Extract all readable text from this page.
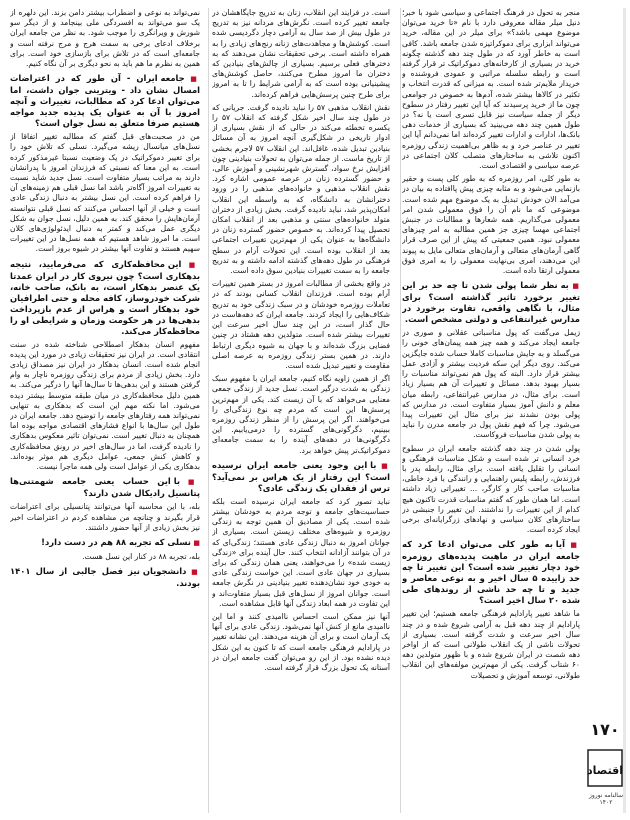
منجر به تحول در فرهنگ اجتماعی و سیاسی شود با خبر؛ دنیل میلر مقاله معروفی دارد با نام «تا خرید می‌توان موضوع مهمی باشد؟» برای میلر در این مقاله، خرید می‌تواند ابزاری برای دموکراتیزه شدن جامعه باشد. کافی است به خاطر آورد که در طول چند دهه گذشته چگونه خرید در بسیاری از کارخانه‌های دموکراتیک تر قرار گرفته است و رابطه سلسله مراتبی و عمودی فروشنده و خریدار ملایم‌تر شده است. به میزانی که قدرت انتخاب و تکثیر در کالاها بیشتر شده، آدم‌ها به خصوص در جوامعی چون ما از خرید پرسیدند که آیا این تغییر رفتار در سطوح دیگر از جمله سیاست نیز قابل تسری است یا نه؟ در طول همین چند دهه می‌بینید که بسیاری از خدمات دهی بانک‌ها، ادارات و ادارات تغییر کرده‌اند اما نمی‌دانم آیا این تغییر در عناصر خرد و به ظاهر بی‌اهمیت زندگی روزمره اکنون تلاشی به ساختارهای متصلب کلان اجتماعی در عرصه سیاسی و اقتصادی است.

به طور کلی، امر روزمره که به طور کلی پست و حقیر بازنمایی می‌شود و به مثابه چیزی پیش پاافتاده به بیان در می‌آمد الان خودش تبدیل به یک موضوع مهم شده است. موضوعی که ما نام آن را فوق معمولی شدن امر معمولی می‌گذاریم. همه شعارها و مطالبات در جنبش اجتماعی مهسا چیزی جز همین مطالبه به امر چیزهای معمولی نبود. همین جمعیتی که پیش از این صرف قرار گاهی آرمان‌های متعالی و آرمان‌های متعالی مایل به پیوند این می‌دهند، امری بی‌نهایت معمولی را به امری فوق معمولی ارتقا داده است.

■ به نظر شما پولی شدن تا چه حد بر این تغییر برخورد تاثیر گذاشته است؟ برای مثال، با نگاهی واقعی، تفاوت برخورد در مدارس غیرانتفاعی و دولتی مشخص است.

زیمل می‌گفت که پول مناسباتی عقلانی و صوری در جامعه ایجاد می‌کند و همه چیز همه پیمان‌های خونی را می‌گسلد و به جایش مناسبات کاملا حساب شده جایگزین می‌کند. روی دیگر این سکه فردیت بیشتر و آزادی عمل بیشتر قرار دارد. البته که پول هم نمی‌تواند مناسبات را بسیار بهبود بدهد. مسائل و تغییرات آن هم بسیار زیاد است. برای مثال، در مدارس غیرانتفاعی، رابطه میان معلم و دانش آموز بسیار متفاوت است. در مدارس که پولی بودن نشدند نیز برای مثال این تغییرات پیدا می‌شود. چرا که فهم نقش پول در جامعه مدرن را نباید به پولی شدن مناسبات فروکاست.

پولی شدن در چند دهه گذشته جامعه ایران در سطوح خرد انسانی تر شده است و شکل مناسبات فرهنگی و انسانی را تقلیل یافته است. برای مثال، رابطه پدر با فرزندش، رابطه پلیس راهنمایی و رانندگی با فرد خاطی، مناسبات صاحب کار و کارگر، ... تغییراتی زیاد داشته است. اما همان طور که گفتم مناسبات قدرت تاکنون هیچ کدام از این تغییرات را نداشتند. این تغییر را جنبشی در ساختارهای کلان سیاسی و نهادهای زرگرایانه‌ای برخی ایجاد کرده است.

■ آیا به طور کلی می‌توان ادعا کرد که جامعه ایران در ماهیت پدیده‌های روزمره خود دچار تغییر شده است؟ این تغییر تا چه حد زاییده ۵ سال اخیر و به نوعی معاصر و جدید و تا چه حد ناشی از روندهای طی شده ۲۰ سال اخیر است؟

ما شاهد تغییر پارادایم فرهنگی جامعه هستیم؛ این تغییر پارادایم از چند دهه قبل به آرامی شروع شده و در چند سال اخیر سرعت و شدت گرفته است. بسیاری از تحولات ناشی از یک انقلاب طولانی است که از اواخر دهه شصت در ایران شروع شده و با ظهور متولدین دهه ۶۰ شتاب گرفت. یکی از مهم‌ترین مولفه‌های این انقلاب طولانی، توسعه آموزش و تحصیلات

است. در فرایند این انقلاب، زنان به تدریج جایگاهشان در جامعه تغییر کرده است. نگرش‌های مردانه نیز به تدریج در طول بیش از صد سال به آرامی دچار دگردیسی شده است. کوشش‌ها و مجاهدت‌های زنانه رنج‌های زیادی را به همراه داشته است. برخی تحقیقات نشان می‌دهند که به دخترهای فعلی برسیم. بسیاری از چالش‌های بنیادین که دختران ما امروز مطرح می‌کنند، حاصل کوشش‌های پیشینیانی بوده است که به آرامی شرایط را تا به امروز برای طرح چنین پرسش‌هایی فراهم کرده‌اند.

نقش انقلاب مذهبی ۵۷ را نباید نادیده گرفت. جریانی که در طول چند سال اخیر شکل گرفته که انقلاب ۵۷ را یکسره تخطئه می‌کند در حالی که از نقش بسیاری از ادوار تاریخی در شکل‌گیری آنچه امروز به آن مسائل بنیادین تبدیل شده، غافل‌اند. این انقلاب ۵۷ لاجرم بخشی از تاریخ ماست. از جمله می‌توان به تحولات بنیادینی چون افزایش نرخ سواد، گسترش شهرنشینی و آموزش عالی، و حضور گسترده زنان در عرصه عمومی اشاره کرد. نقش انقلاب مذهبی و خانواده‌های مذهبی را در ورود دخترانشان به دانشگاه، که به واسطه این انقلاب امکان‌پذیر شد، نباید نادیده گرفت. بخش زیادی از دختران متولد خانواده‌های سنتی و مذهبی بعد از انقلاب امکان تحصیل پیدا کرده‌اند. به خصوص حضور گسترده زنان در دانشگاه‌ها به عنوان یکی از مهم‌ترین تغییرات اجتماعی بعد از انقلاب بوده است. این تحولات آرام در سطح فرهنگی در طول دهه‌های گذشته ادامه داشته و به تدریج جامعه را به سمت تغییرات بنیادین سوق داده است.

در واقع بخشی از مطالبات امروز در بستر همین تغییرات آرام بوده است. فرزندان انقلاب کسانی بودند که در تعاملات روزمره خودشان و در سبک زندگی خود به تدریج شکاف‌هایی را ایجاد کردند. جامعه ایران که دهه‌هاست در حال گذار است، در این چند سال اخیر سرعت این تغییرات بیشتر شده است. متولدین دهه هشتاد در چنین فضایی بزرگ شده‌اند و با جهان به شیوه دیگری ارتباط دارند. در همین بستر زندگی روزمره به عرصه اصلی مقاومت و تغییر تبدیل شده است.

اگر از همین زاویه نگاه کنیم، جامعه ایران با مفهوم سبک زندگی به شدت درگیر است. نسل جدید از زندگی جمعی معنایی می‌خواهد که با آن زیست کند. یکی از مهم‌ترین پرسش‌ها این است که مردم چه نوع زندگی‌ای را می‌خواهند. اگر این پرسش را از منظر زندگی روزمره ببینیم، دگرگونی‌های گسترده را درمی‌یابیم. این دگرگونی‌ها در دهه‌های آینده را به سمت جامعه‌ای دموکراتیک‌تر پیش خواهد برد.

■ با این وجود یعنی جامعه ایران نرسیده است؟ این رفتار از یک هراس بر نمی‌آید؟ ترس از فقدان یک زندگی عادی؟

نباید تصور کرد که جامعه ایران نرسیده است بلکه حساسیت‌های جامعه و توجه مردم به خودشان بیشتر شده است. یکی از مصادیق آن همین توجه به زندگی روزمره و شیوه‌های مختلف زیستن است. بسیاری از جوانان امروز به دنبال زندگی عادی هستند؛ زندگی‌ای که در آن بتوانند آزادانه انتخاب کنند. حال آینده برای «زندگی زیست شده» را می‌خواهند، یعنی همان زندگی که برای بسیاری در جهان عادی است. این خواست زندگی عادی به خودی خود نشان‌دهنده تغییر بنیادینی در نگرش جامعه است. جوانان امروز از نسل‌های قبل بسیار متفاوت‌اند و این تفاوت در همه ابعاد زندگی آنها قابل مشاهده است.

آنها نیز ممکن است احساس ناامیدی کنند و اما این ناامیدی مانع از کنش آنها نمی‌شود. زندگی عادی برای آنها یک آرمان است و برای آن هزینه می‌دهند. این نشانه تغییر در پارادایم فرهنگی جامعه است که تا کنون به این شکل دیده نشده بود. از این رو می‌توان گفت جامعه ایران در آستانه یک تحول بزرگ قرار گرفته است.

نمی‌تواند به نوعی و اضطراب بیشتر دامن بزند. این دلهره از یک سو می‌تواند به افسردگی ملی بینجامد و از دیگر سو شورش و ویرانگری را موجب شود. به نظر من جامعه ایران برخلاف ادعای برخی به سمت هرج و مرج نرفته است و جامعه‌ای است که در تلاش برای بازسازی خود است. برای همین به نظرم ما هم باید به نحو دیگری بر آن نگاه کنیم.

■ جامعه ایران - آن طور که در اعتراضات امسال نشان داد - ویترینی جوان داشت، اما می‌توان ادعا کرد که مطالبات، تغییرات و آنچه امروز با آن به عنوان یک پدیده جدید مواجه هستیم صرفا متعلق به نسل جوان است؟

من در صحبت‌های قبل گفتم که مطالبه تغییر اتفاقا از نسل‌های میانسال ریشه می‌گیرد. نسلی که تلاش خود را برای تغییر دموکراتیک در یک وضعیت نسبتا غیرمذکور کرده است. به این معنا که نسبتی که فرزندان امروز با پدرانشان دارند به مراتب بسیار متفاوت است. نسل جدید شاید نسبت به تغییرات امروز آگاه‌تر باشد اما نسل قبلی هم زمینه‌های آن را فراهم کرده است. این نسل بیشتر به دنبال زندگی عادی است و خیلی از آنها احساس می‌کنند که نسل قبلی نتوانسته آرمان‌هایش را محقق کند. به همین دلیل، نسل جوان به شکل دیگری عمل می‌کند و کمتر به دنبال ایدئولوژی‌های کلان است. ما امروز شاهد هستیم که همه نسل‌ها در این تغییرات سهیم هستند و تفاوت آنها بیشتر در شیوه بروز است.

■ این محافظه‌کاری که می‌فرمایید، نتیجه بدهکاری است؟ چون نیروی کار در ایران عمدتا یک عنصر بدهکار است، به بانک، صاحب خانه، شرکت خودروساز، کافه محله و حتی اطرافیان خود بدهکار است و هراس از عدم بازپرداخت بدهی‌ها در هر حکومت وزمان و شرایطی او را محافظه‌کار می‌کند.

مفهوم انسان بدهکار اصطلاحی شناخته شده در سنت انتقادی است. در ایران نیز تحقیقات زیادی در مورد این پدیده انجام شده است. انسان بدهکار در ایران نیز مصداق زیادی دارد. بخش زیادی از مردم برای زندگی روزمره ناچار به وام گرفتن هستند و این بدهی‌ها تا سال‌ها آنها را درگیر می‌کند. به همین دلیل محافظه‌کاری در میان طبقه متوسط بیشتر دیده می‌شود. اما نکته مهم این است که بدهکاری به تنهایی نمی‌تواند همه رفتارهای جامعه را توضیح دهد. جامعه ایران در طول این سال‌ها با انواع فشارهای اقتصادی مواجه بوده اما همچنان به دنبال تغییر است. نمی‌توان تاثیر معکوس بدهکاری را نادیده گرفت، اما در سال‌های اخیر در رونق محافظه‌کاری و کاهش کنش جمعی، عوامل دیگری هم موثر بوده‌اند. بدهکاری یکی از عوامل است ولی همه ماجرا نیست.

■ با این حساب یعنی جامعه شهمتنی‌ها پتانسیل رادیکال شدن دارند؟

بله، با این محاسبه آنها می‌توانند پتانسیلی برای اعتراضات قرار بگیرند و چنانچه من مشاهده کردم در اعتراضات اخیر نیز بخش زیادی از آنها حضور داشتند.

■ نسلی که تجربه ۸۸ هم در دست دارد!

بله، تجربه ۸۸ در کنار این نسل هست.

■ دانشجویان نیز فصل جالبی از سال ۱۴۰۱ بودند.
۱۷۰
اقتصاد
سالنامه نوروز ۱۴۰۲
